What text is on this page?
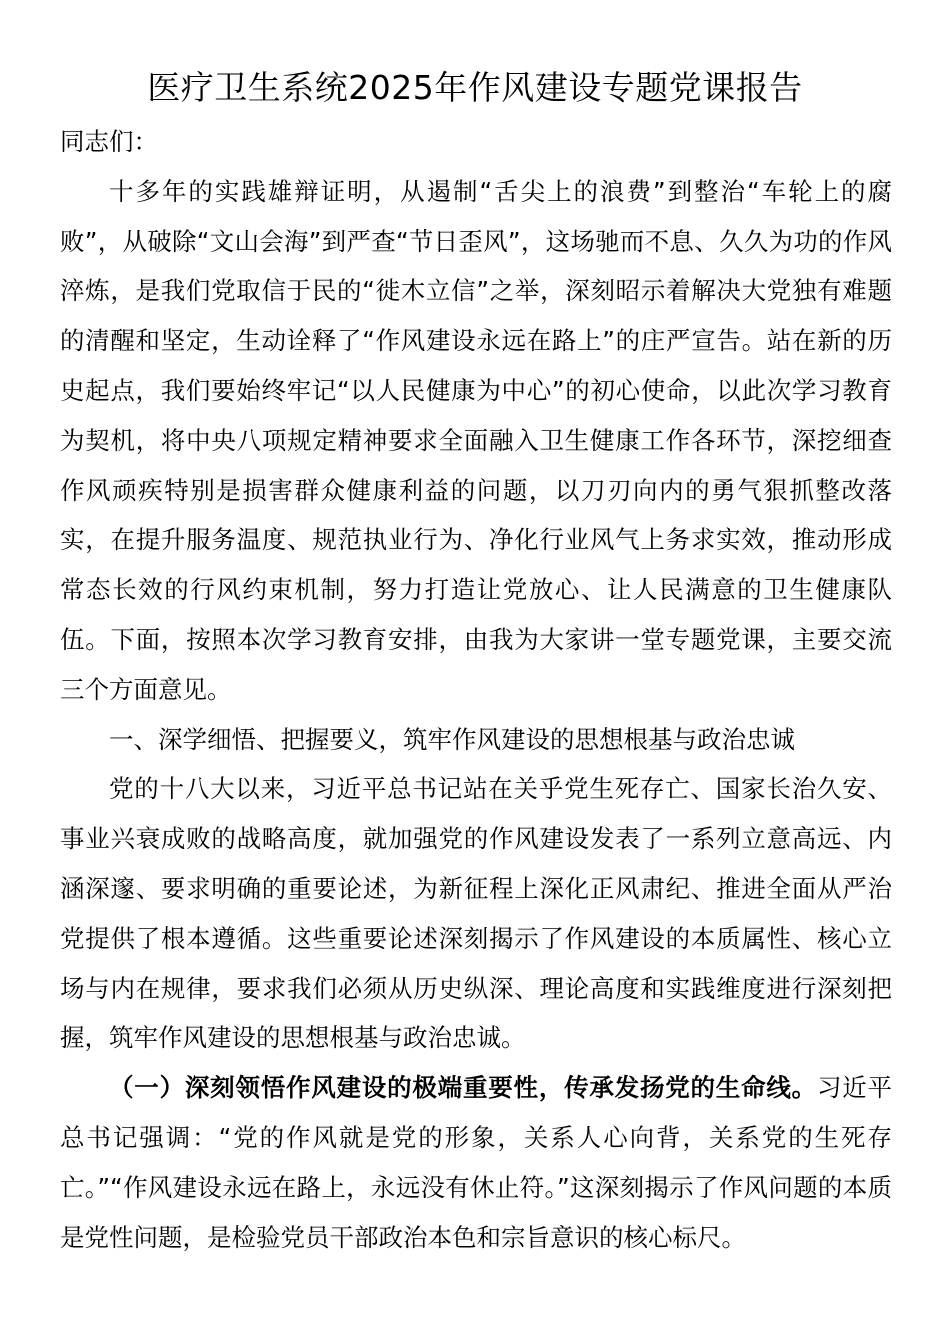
医疗卫生系统2025年作风建设专题党课报告

同志们：

十多年的实践雄辩证明，从遏制“舌尖上的浪费”到整治“车轮上的腐败”，从破除“文山会海”到严查“节日歪风”，这场驰而不息、久久为功的作风淬炼，是我们党取信于民的“徙木立信”之举，深刻昭示着解决大党独有难题的清醒和坚定，生动诠释了“作风建设永远在路上”的庄严宣告。站在新的历史起点，我们要始终牢记“以人民健康为中心”的初心使命，以此次学习教育为契机，将中央八项规定精神要求全面融入卫生健康工作各环节，深挖细查作风顽疾特别是损害群众健康利益的问题，以刀刃向内的勇气狠抓整改落实，在提升服务温度、规范执业行为、净化行业风气上务求实效，推动形成常态长效的行风约束机制，努力打造让党放心、让人民满意的卫生健康队伍。下面，按照本次学习教育安排，由我为大家讲一堂专题党课，主要交流三个方面意见。

一、深学细悟、把握要义，筑牢作风建设的思想根基与政治忠诚

党的十八大以来，习近平总书记站在关乎党生死存亡、国家长治久安、事业兴衰成败的战略高度，就加强党的作风建设发表了一系列立意高远、内涵深邃、要求明确的重要论述，为新征程上深化正风肃纪、推进全面从严治党提供了根本遵循。这些重要论述深刻揭示了作风建设的本质属性、核心立场与内在规律，要求我们必须从历史纵深、理论高度和实践维度进行深刻把握，筑牢作风建设的思想根基与政治忠诚。

（一）深刻领悟作风建设的极端重要性，传承发扬党的生命线。习近平总书记强调：“党的作风就是党的形象，关系人心向背，关系党的生死存亡。”“作风建设永远在路上，永远没有休止符。”这深刻揭示了作风问题的本质是党性问题，是检验党员干部政治本色和宗旨意识的核心标尺。
